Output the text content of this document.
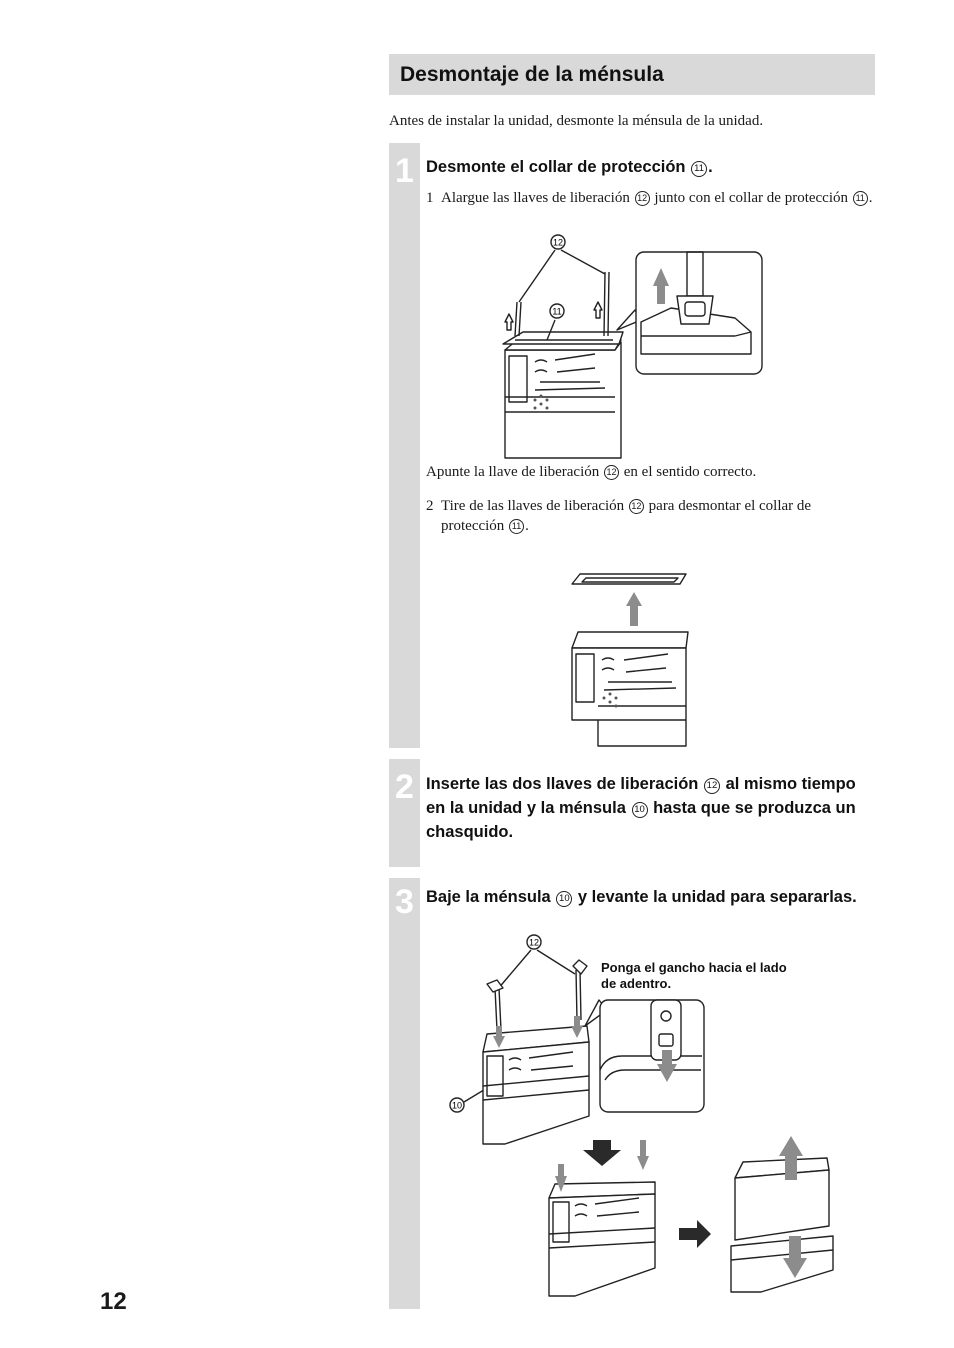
Desmontaje de la ménsula
Antes de instalar la unidad, desmonte la ménsula de la unidad.
1
2
3
Desmonte el collar de protección 11 .
1 Alargue las llaves de liberación 12 junto con el collar de protección 11 .
12
11
Apunte la llave de liberación 12 en el sentido correcto.
2 Tire de las llaves de liberación 12 para desmontar el collar de protección 11 .
Inserte las dos llaves de liberación 12 al mismo tiempo en la unidad y la ménsula 10 hasta que se produzca un chasquido.
Baje la ménsula 10 y levante la unidad para separarlas.
Ponga el gancho hacia el lado de adentro.
12
10
12
